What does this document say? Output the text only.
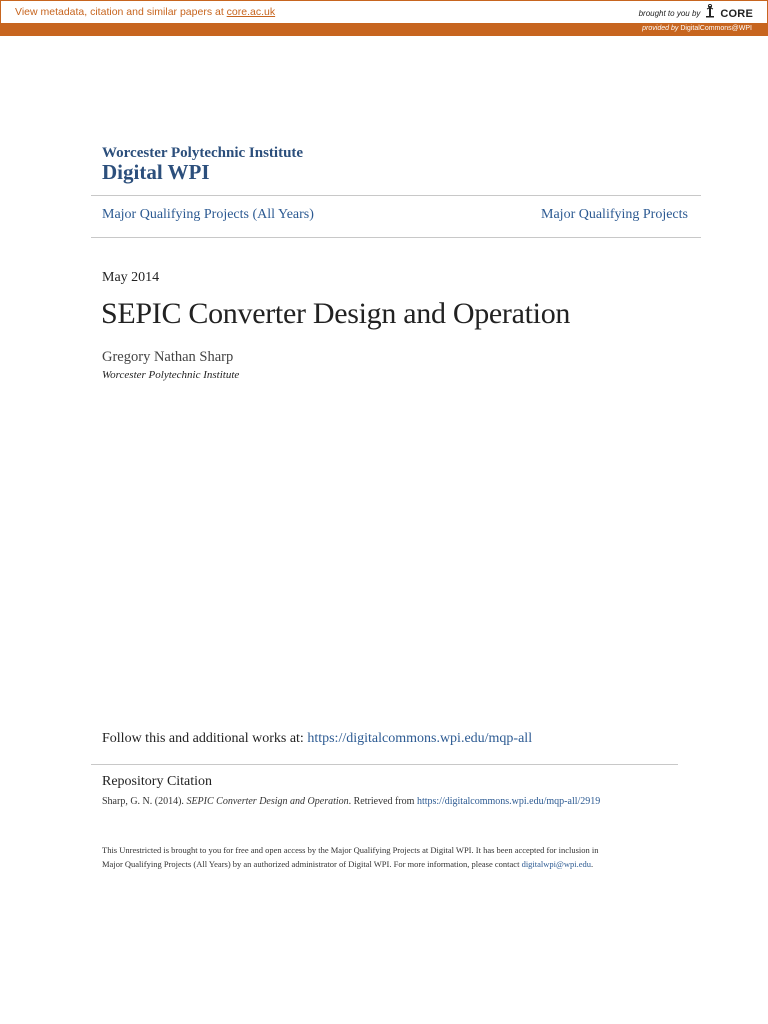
View metadata, citation and similar papers at core.ac.uk	brought to you by CORE
provided by DigitalCommons@WPI
Worcester Polytechnic Institute
Digital WPI
Major Qualifying Projects (All Years)	Major Qualifying Projects
May 2014
SEPIC Converter Design and Operation
Gregory Nathan Sharp
Worcester Polytechnic Institute
Follow this and additional works at: https://digitalcommons.wpi.edu/mqp-all
Repository Citation
Sharp, G. N. (2014). SEPIC Converter Design and Operation. Retrieved from https://digitalcommons.wpi.edu/mqp-all/2919
This Unrestricted is brought to you for free and open access by the Major Qualifying Projects at Digital WPI. It has been accepted for inclusion in
Major Qualifying Projects (All Years) by an authorized administrator of Digital WPI. For more information, please contact digitalwpi@wpi.edu.
